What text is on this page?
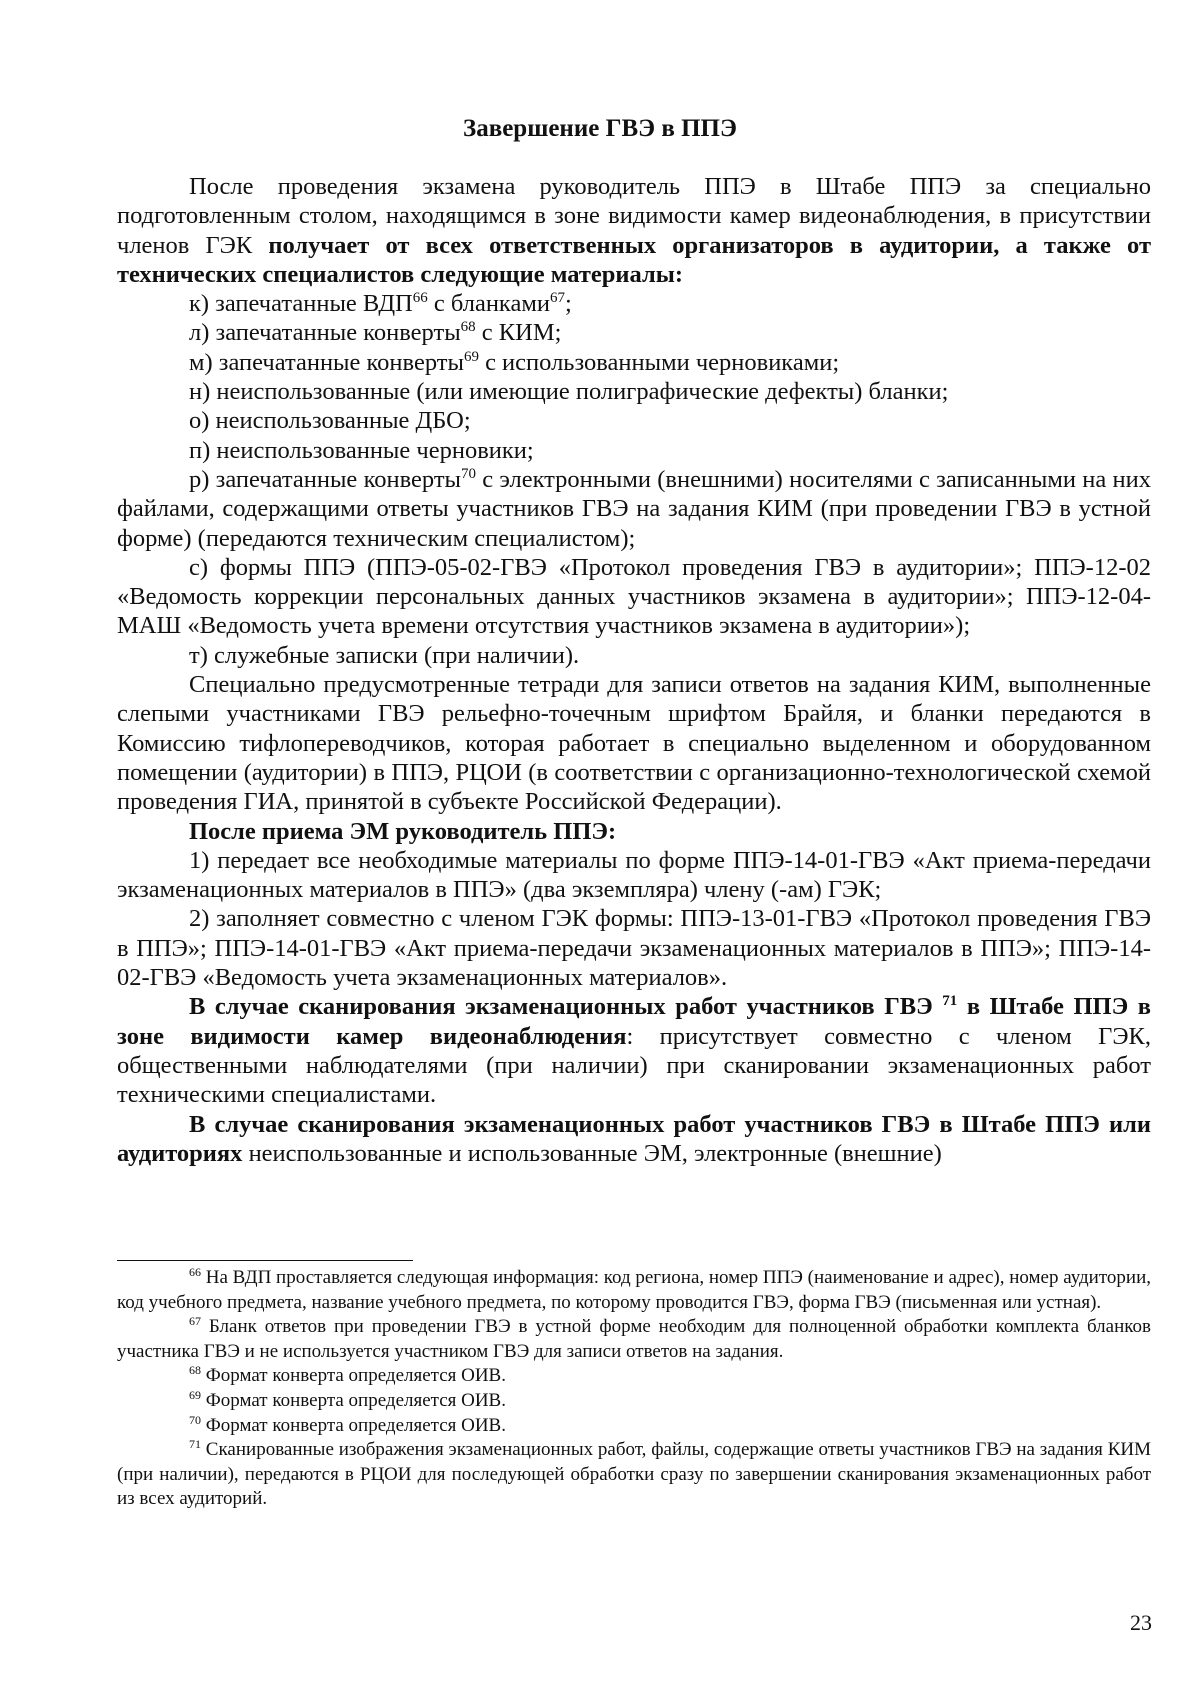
Завершение ГВЭ в ППЭ

После проведения экзамена руководитель ППЭ в Штабе ППЭ за специально подготовленным столом, находящимся в зоне видимости камер видеонаблюдения, в присутствии членов ГЭК получает от всех ответственных организаторов в аудитории, а также от технических специалистов следующие материалы:

к) запечатанные ВДП$^{66}$ с бланками$^{67}$;

л) запечатанные конверты$^{68}$ с КИМ;

м) запечатанные конверты$^{69}$ с использованными черновиками;

н) неиспользованные (или имеющие полиграфические дефекты) бланки;

о) неиспользованные ДБО;

п) неиспользованные черновики;

р) запечатанные конверты$^{70}$ с электронными (внешними) носителями с записанными на них файлами, содержащими ответы участников ГВЭ на задания КИМ (при проведении ГВЭ в устной форме) (передаются техническим специалистом);

с) формы ППЭ (ППЭ-05-02-ГВЭ «Протокол проведения ГВЭ в аудитории»; ППЭ-12-02 «Ведомость коррекции персональных данных участников экзамена в аудитории»; ППЭ-12-04-МАШ «Ведомость учета времени отсутствия участников экзамена в аудитории»);

т) служебные записки (при наличии).

Специально предусмотренные тетради для записи ответов на задания КИМ, выполненные слепыми участниками ГВЭ рельефно-точечным шрифтом Брайля, и бланки передаются в Комиссию тифлопереводчиков, которая работает в специально выделенном и оборудованном помещении (аудитории) в ППЭ, РЦОИ (в соответствии с организационно-технологической схемой проведения ГИА, принятой в субъекте Российской Федерации).

После приема ЭМ руководитель ППЭ:

1) передает все необходимые материалы по форме ППЭ-14-01-ГВЭ «Акт приема-передачи экзаменационных материалов в ППЭ» (два экземпляра) члену (-ам) ГЭК;

2) заполняет совместно с членом ГЭК формы: ППЭ-13-01-ГВЭ «Протокол проведения ГВЭ в ППЭ»; ППЭ-14-01-ГВЭ «Акт приема-передачи экзаменационных материалов в ППЭ»; ППЭ-14-02-ГВЭ «Ведомость учета экзаменационных материалов».

В случае сканирования экзаменационных работ участников ГВЭ $^{71}$ в Штабе ППЭ в зоне видимости камер видеонаблюдения: присутствует совместно с членом ГЭК, общественными наблюдателями (при наличии) при сканировании экзаменационных работ техническими специалистами.

В случае сканирования экзаменационных работ участников ГВЭ в Штабе ППЭ или аудиториях неиспользованные и использованные ЭМ, электронные (внешние)

$^{66}$ На ВДП проставляется следующая информация: код региона, номер ППЭ (наименование и адрес), номер аудитории, код учебного предмета, название учебного предмета, по которому проводится ГВЭ, форма ГВЭ (письменная или устная).

$^{67}$ Бланк ответов при проведении ГВЭ в устной форме необходим для полноценной обработки комплекта бланков участника ГВЭ и не используется участником ГВЭ для записи ответов на задания.

$^{68}$ Формат конверта определяется ОИВ.

$^{69}$ Формат конверта определяется ОИВ.

$^{70}$ Формат конверта определяется ОИВ.

$^{71}$ Сканированные изображения экзаменационных работ, файлы, содержащие ответы участников ГВЭ на задания КИМ (при наличии), передаются в РЦОИ для последующей обработки сразу по завершении сканирования экзаменационных работ из всех аудиторий.

23
